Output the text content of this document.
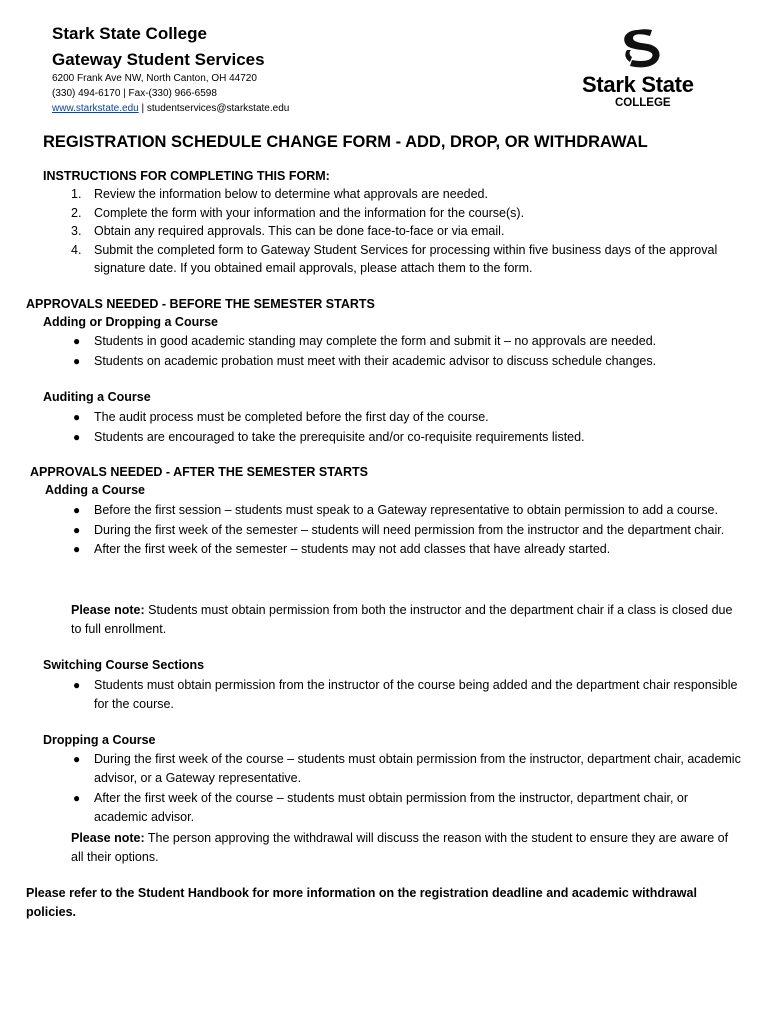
Stark State College
Gateway Student Services
6200 Frank Ave NW, North Canton, OH 44720
(330) 494-6170 | Fax-(330) 966-6598
www.starkstate.edu | studentservices@starkstate.edu
Stark State
COLLEGE
REGISTRATION SCHEDULE CHANGE FORM - ADD, DROP, OR WITHDRAWAL
INSTRUCTIONS FOR COMPLETING THIS FORM:
1. Review the information below to determine what approvals are needed.
2. Complete the form with your information and the information for the course(s).
3. Obtain any required approvals. This can be done face-to-face or via email.
4. Submit the completed form to Gateway Student Services for processing within five business days of the approval signature date. If you obtained email approvals, please attach them to the form.
APPROVALS NEEDED - BEFORE THE SEMESTER STARTS
Adding or Dropping a Course
● Students in good academic standing may complete the form and submit it – no approvals are needed.
● Students on academic probation must meet with their academic advisor to discuss schedule changes.
Auditing a Course
● The audit process must be completed before the first day of the course.
● Students are encouraged to take the prerequisite and/or co-requisite requirements listed.
APPROVALS NEEDED - AFTER THE SEMESTER STARTS
Adding a Course
● Before the first session – students must speak to a Gateway representative to obtain permission to add a course.
● During the first week of the semester – students will need permission from the instructor and the department chair.
● After the first week of the semester – students may not add classes that have already started.
Please note: Students must obtain permission from both the instructor and the department chair if a class is closed due to full enrollment.
Switching Course Sections
● Students must obtain permission from the instructor of the course being added and the department chair responsible for the course.
Dropping a Course
● During the first week of the course – students must obtain permission from the instructor, department chair, academic advisor, or a Gateway representative.
● After the first week of the course – students must obtain permission from the instructor, department chair, or academic advisor.
Please note: The person approving the withdrawal will discuss the reason with the student to ensure they are aware of all their options.
Please refer to the Student Handbook for more information on the registration deadline and academic withdrawal policies.
